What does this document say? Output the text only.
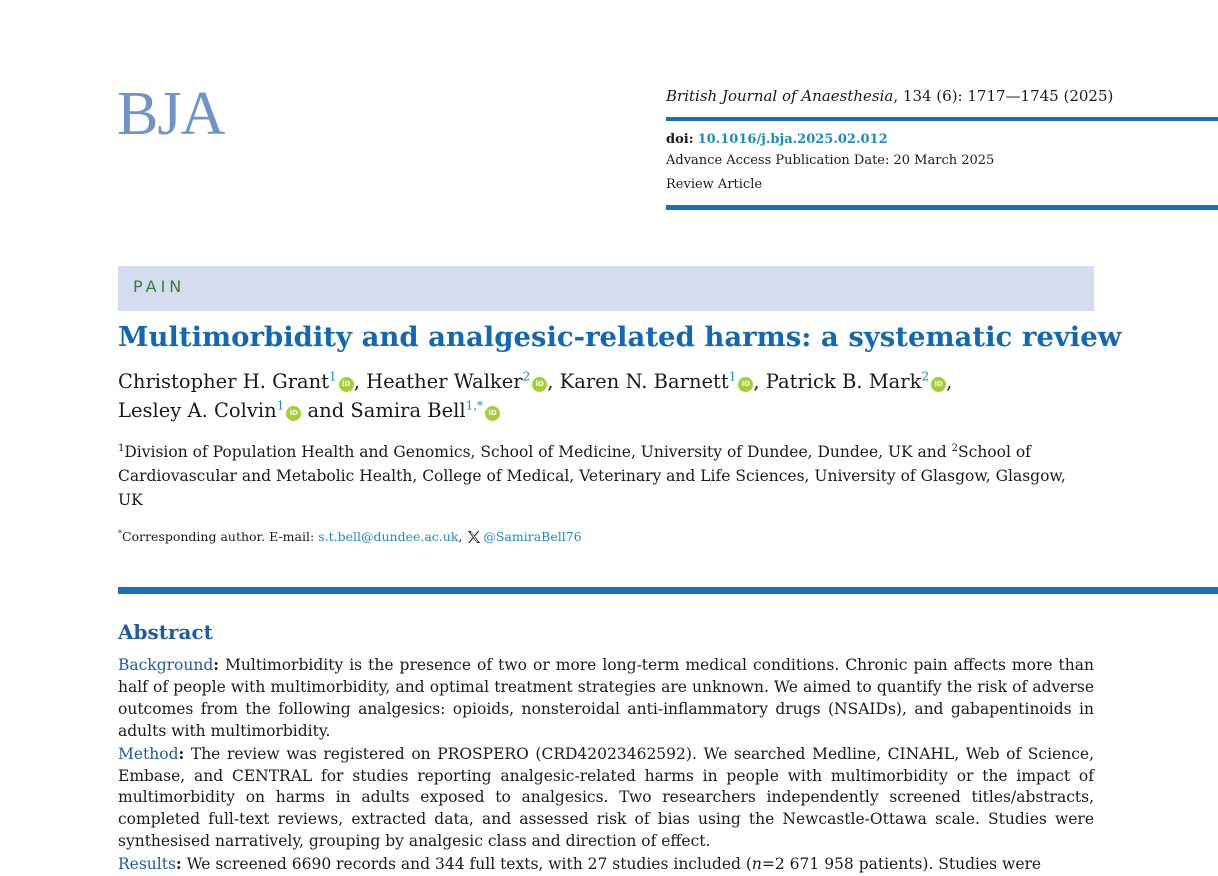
BJA	British Journal of Anaesthesia, 134 (6): 1717—1745 (2025)
doi: 10.1016/j.bja.2025.02.012
Advance Access Publication Date: 20 March 2025
Review Article
PAIN
Multimorbidity and analgesic-related harms: a systematic review
Christopher H. Grant$^1$iD , Heather Walker$^2$iD , Karen N. Barnett$^1$iD , Patrick B. Mark$^2$iD ,
Lesley A. Colvin$^1$iD and Samira Bell$^{1,*}$iD
$^1$Division of Population Health and Genomics, School of Medicine, University of Dundee, Dundee, UK and $^2$School of Cardiovascular and Metabolic Health, College of Medical, Veterinary and Life Sciences, University of Glasgow, Glasgow, UK
*Corresponding author. E-mail: s.t.bell@dundee.ac.uk, @SamiraBell76
Abstract

Background: Multimorbidity is the presence of two or more long-term medical conditions. Chronic pain affects more than half of people with multimorbidity, and optimal treatment strategies are unknown. We aimed to quantify the risk of adverse outcomes from the following analgesics: opioids, nonsteroidal anti-inflammatory drugs (NSAIDs), and gabapentinoids in adults with multimorbidity.

Method: The review was registered on PROSPERO (CRD42023462592). We searched Medline, CINAHL, Web of Science, Embase, and CENTRAL for studies reporting analgesic-related harms in people with multimorbidity or the impact of multimorbidity on harms in adults exposed to analgesics. Two researchers independently screened titles/abstracts, completed full-text reviews, extracted data, and assessed risk of bias using the Newcastle-Ottawa scale. Studies were synthesised narratively, grouping by analgesic class and direction of effect.

Results: We screened 6690 records and 344 full texts, with 27 studies included (n=2 671 958 patients). Studies were
